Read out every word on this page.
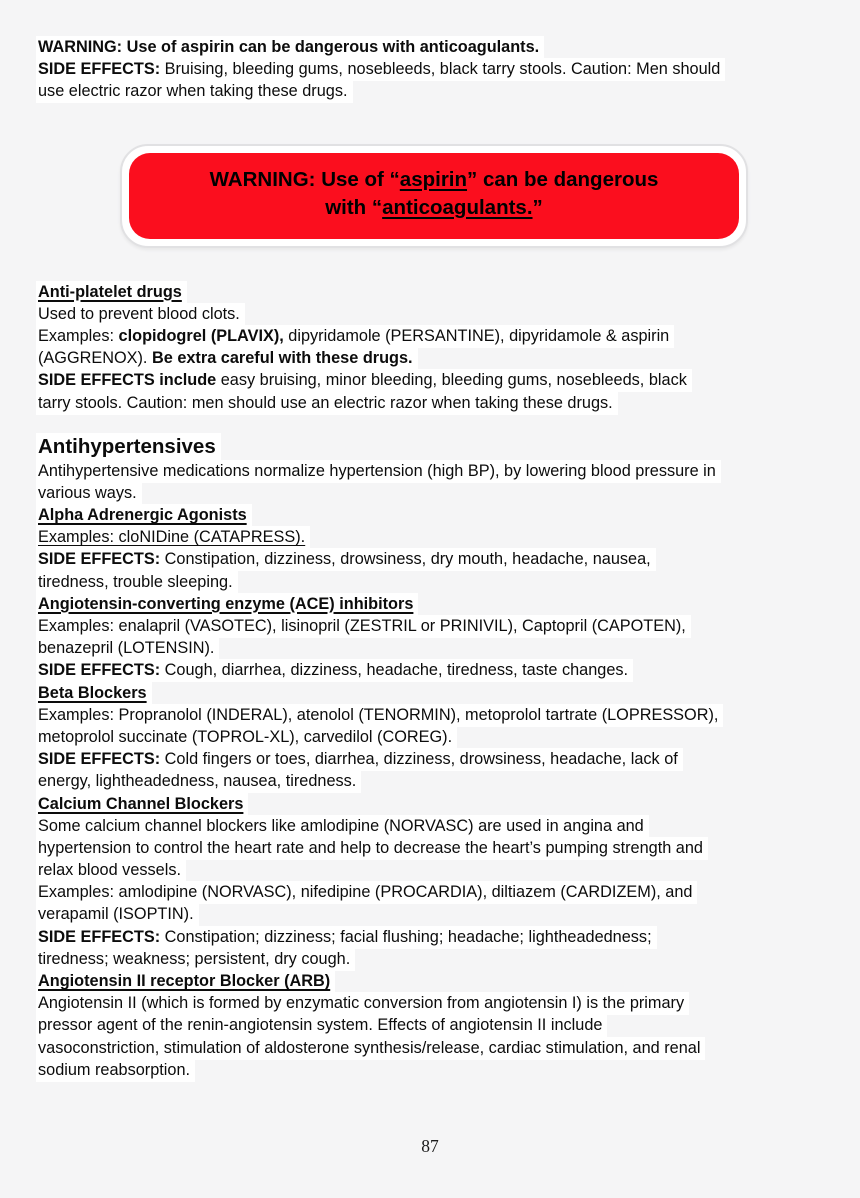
WARNING: Use of aspirin can be dangerous with anticoagulants.
SIDE EFFECTS: Bruising, bleeding gums, nosebleeds, black tarry stools. Caution: Men should
use electric razor when taking these drugs.
WARNING: Use of “aspirin” can be dangerous
with “anticoagulants.”
Anti-platelet drugs
Used to prevent blood clots.
Examples: clopidogrel (PLAVIX), dipyridamole (PERSANTINE), dipyridamole & aspirin
(AGGRENOX). Be extra careful with these drugs.
SIDE EFFECTS include easy bruising, minor bleeding, bleeding gums, nosebleeds, black
tarry stools. Caution: men should use an electric razor when taking these drugs.
Antihypertensives
Antihypertensive medications normalize hypertension (high BP), by lowering blood pressure in
various ways.
Alpha Adrenergic Agonists
Examples: cloNIDine (CATAPRESS).
SIDE EFFECTS: Constipation, dizziness, drowsiness, dry mouth, headache, nausea,
tiredness, trouble sleeping.
Angiotensin-converting enzyme (ACE) inhibitors
Examples: enalapril (VASOTEC), lisinopril (ZESTRIL or PRINIVIL), Captopril (CAPOTEN),
benazepril (LOTENSIN).
SIDE EFFECTS: Cough, diarrhea, dizziness, headache, tiredness, taste changes.
Beta Blockers
Examples: Propranolol (INDERAL), atenolol (TENORMIN), metoprolol tartrate (LOPRESSOR),
metoprolol succinate (TOPROL-XL), carvedilol (COREG).
SIDE EFFECTS: Cold fingers or toes, diarrhea, dizziness, drowsiness, headache, lack of
energy, lightheadedness, nausea, tiredness.
Calcium Channel Blockers
Some calcium channel blockers like amlodipine (NORVASC) are used in angina and
hypertension to control the heart rate and help to decrease the heart’s pumping strength and
relax blood vessels.
Examples: amlodipine (NORVASC), nifedipine (PROCARDIA), diltiazem (CARDIZEM), and
verapamil (ISOPTIN).
SIDE EFFECTS: Constipation; dizziness; facial flushing; headache; lightheadedness;
tiredness; weakness; persistent, dry cough.
Angiotensin II receptor Blocker (ARB)
Angiotensin II (which is formed by enzymatic conversion from angiotensin I) is the primary
pressor agent of the renin-angiotensin system. Effects of angiotensin II include
vasoconstriction, stimulation of aldosterone synthesis/release, cardiac stimulation, and renal
sodium reabsorption.
87
